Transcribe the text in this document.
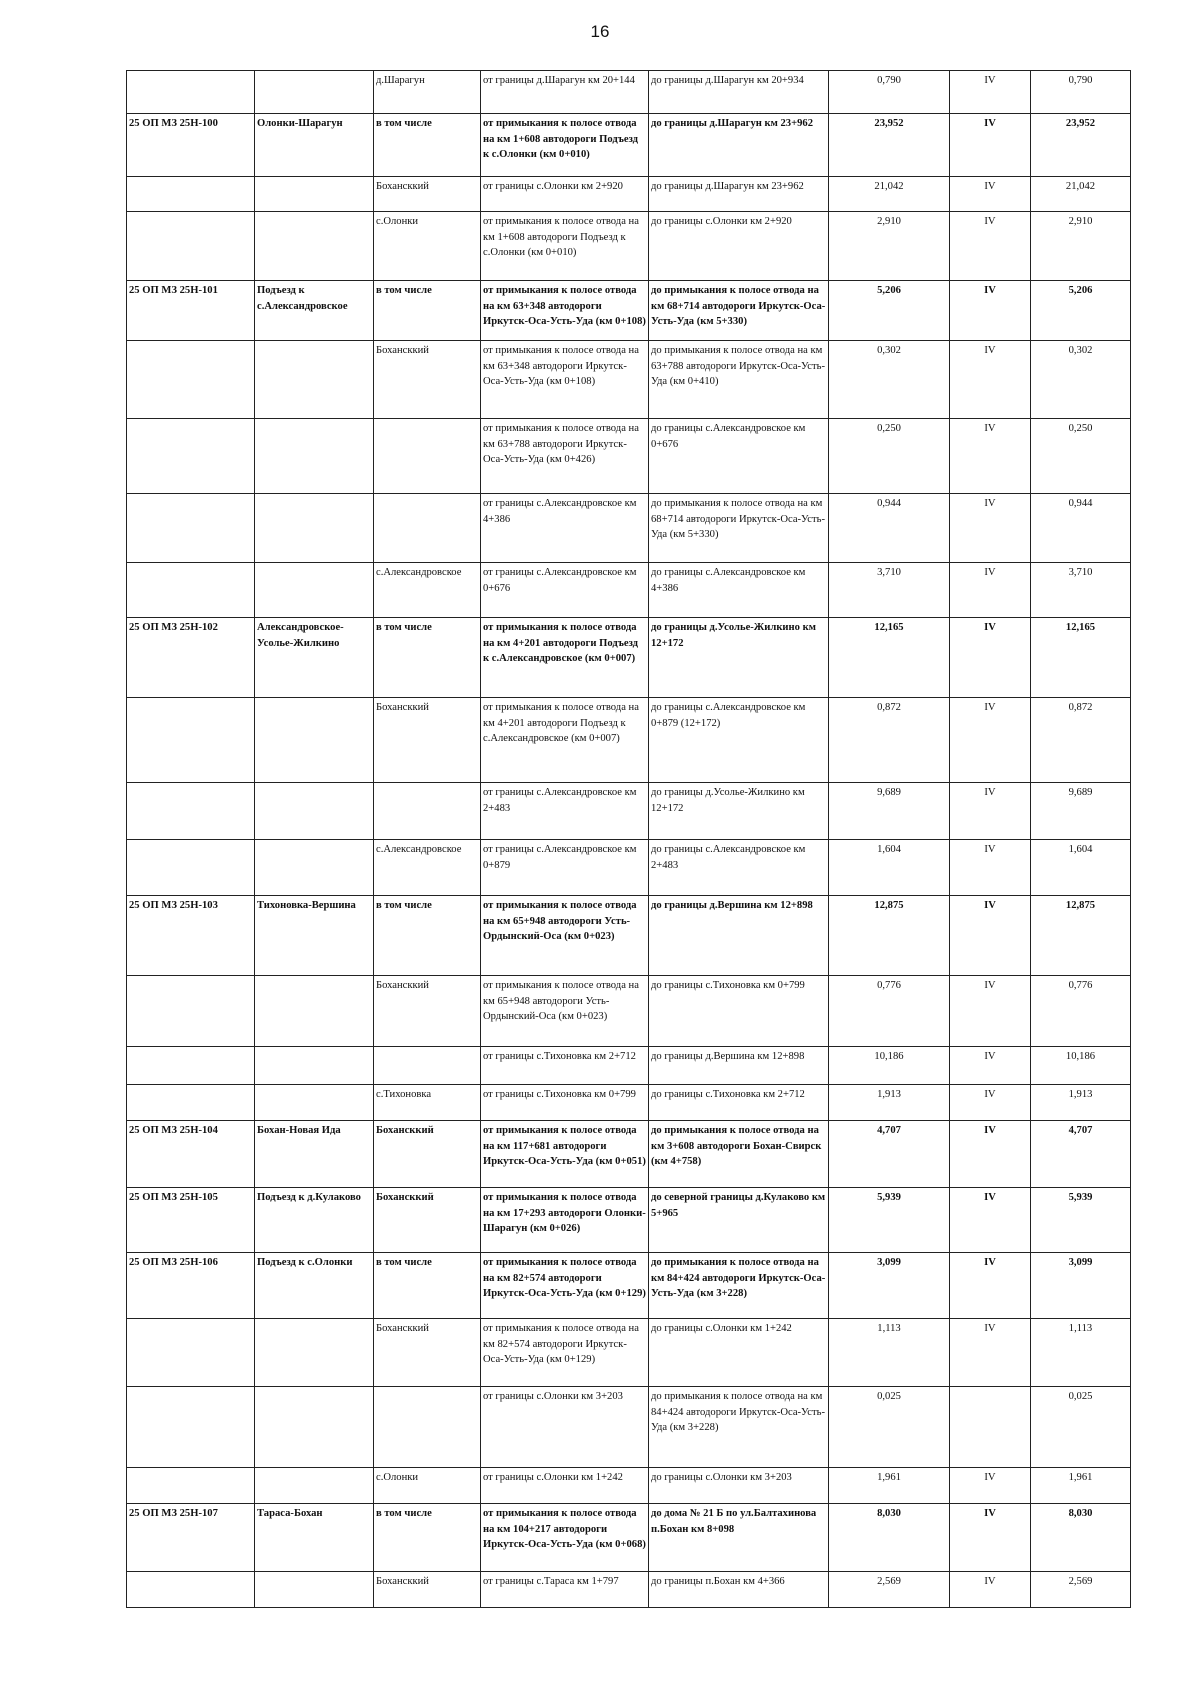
16
		д.Шарагун	от границы д.Шарагун км 20+144	до границы д.Шарагун км 20+934	0,790	IV	0,790
25 ОП МЗ 25Н-100	Олонки-Шарагун	в том числе	от примыкания к полосе отвода на км 1+608 автодороги Подъезд к с.Олонки (км 0+010)	до границы д.Шарагун км 23+962	23,952	IV	23,952
		Бохансккий	от границы с.Олонки км 2+920	до границы д.Шарагун км 23+962	21,042	IV	21,042
		с.Олонки	от примыкания к полосе отвода на км 1+608 автодороги Подъезд к с.Олонки (км 0+010)	до границы с.Олонки км 2+920	2,910	IV	2,910
25 ОП МЗ 25Н-101	Подъезд к с.Александровское	в том числе	от примыкания к полосе отвода на км 63+348 автодороги Иркутск-Оса-Усть-Уда (км 0+108)	до примыкания к полосе отвода на км 68+714 автодороги Иркутск-Оса-Усть-Уда (км 5+330)	5,206	IV	5,206
		Бохансккий	от примыкания к полосе отвода на км 63+348 автодороги Иркутск-Оса-Усть-Уда (км 0+108)	до примыкания к полосе отвода на км 63+788 автодороги Иркутск-Оса-Усть-Уда (км 0+410)	0,302	IV	0,302
			от примыкания к полосе отвода на км 63+788 автодороги Иркутск-Оса-Усть-Уда (км 0+426)	до границы с.Александровское км 0+676	0,250	IV	0,250
			от границы с.Александровское км 4+386	до примыкания к полосе отвода на км 68+714 автодороги Иркутск-Оса-Усть-Уда (км 5+330)	0,944	IV	0,944
		с.Александровское	от границы с.Александровское км 0+676	до границы с.Александровское км 4+386	3,710	IV	3,710
25 ОП МЗ 25Н-102	Александровское-Усолье-Жилкино	в том числе	от примыкания к полосе отвода на км 4+201 автодороги Подъезд к с.Александровское (км 0+007)	до границы д.Усолье-Жилкино км 12+172	12,165	IV	12,165
		Бохансккий	от примыкания к полосе отвода на км 4+201 автодороги Подъезд к с.Александровское (км 0+007)	до границы с.Александровское км 0+879 (12+172)	0,872	IV	0,872
			от границы с.Александровское км 2+483	до границы д.Усолье-Жилкино км 12+172	9,689	IV	9,689
		с.Александровское	от границы с.Александровское км 0+879	до границы с.Александровское км 2+483	1,604	IV	1,604
25 ОП МЗ 25Н-103	Тихоновка-Вершина	в том числе	от примыкания к полосе отвода на км 65+948 автодороги Усть-Ордынский-Оса (км 0+023)	до границы д.Вершина км 12+898	12,875	IV	12,875
		Бохансккий	от примыкания к полосе отвода на км 65+948 автодороги Усть-Ордынский-Оса (км 0+023)	до границы с.Тихоновка км 0+799	0,776	IV	0,776
			от границы с.Тихоновка км 2+712	до границы д.Вершина км 12+898	10,186	IV	10,186
		с.Тихоновка	от границы с.Тихоновка км 0+799	до границы с.Тихоновка км 2+712	1,913	IV	1,913
25 ОП МЗ 25Н-104	Бохан-Новая Ида	Бохансккий	от примыкания к полосе отвода на км 117+681 автодороги Иркутск-Оса-Усть-Уда (км 0+051)	до примыкания к полосе отвода на км 3+608 автодороги Бохан-Свирск (км 4+758)	4,707	IV	4,707
25 ОП МЗ 25Н-105	Подъезд к д.Кулаково	Бохансккий	от примыкания к полосе отвода на км 17+293 автодороги Олонки-Шарагун (км 0+026)	до северной границы д.Кулаково км 5+965	5,939	IV	5,939
25 ОП МЗ 25Н-106	Подъезд к с.Олонки	в том числе	от примыкания к полосе отвода на км 82+574 автодороги Иркутск-Оса-Усть-Уда (км 0+129)	до примыкания к полосе отвода на км 84+424 автодороги Иркутск-Оса-Усть-Уда (км 3+228)	3,099	IV	3,099
		Бохансккий	от примыкания к полосе отвода на км 82+574 автодороги Иркутск-Оса-Усть-Уда (км 0+129)	до границы с.Олонки км 1+242	1,113	IV	1,113
			от границы с.Олонки км 3+203	до примыкания к полосе отвода на км 84+424 автодороги Иркутск-Оса-Усть-Уда (км 3+228)	0,025		0,025
		с.Олонки	от границы с.Олонки км 1+242	до границы с.Олонки км 3+203	1,961	IV	1,961
25 ОП МЗ 25Н-107	Тараса-Бохан	в том числе	от примыкания к полосе отвода на км 104+217 автодороги Иркутск-Оса-Усть-Уда (км 0+068)	до дома № 21 Б по ул.Балтахинова п.Бохан км 8+098	8,030	IV	8,030
		Бохансккий	от границы с.Тараса км 1+797	до границы п.Бохан км 4+366	2,569	IV	2,569
